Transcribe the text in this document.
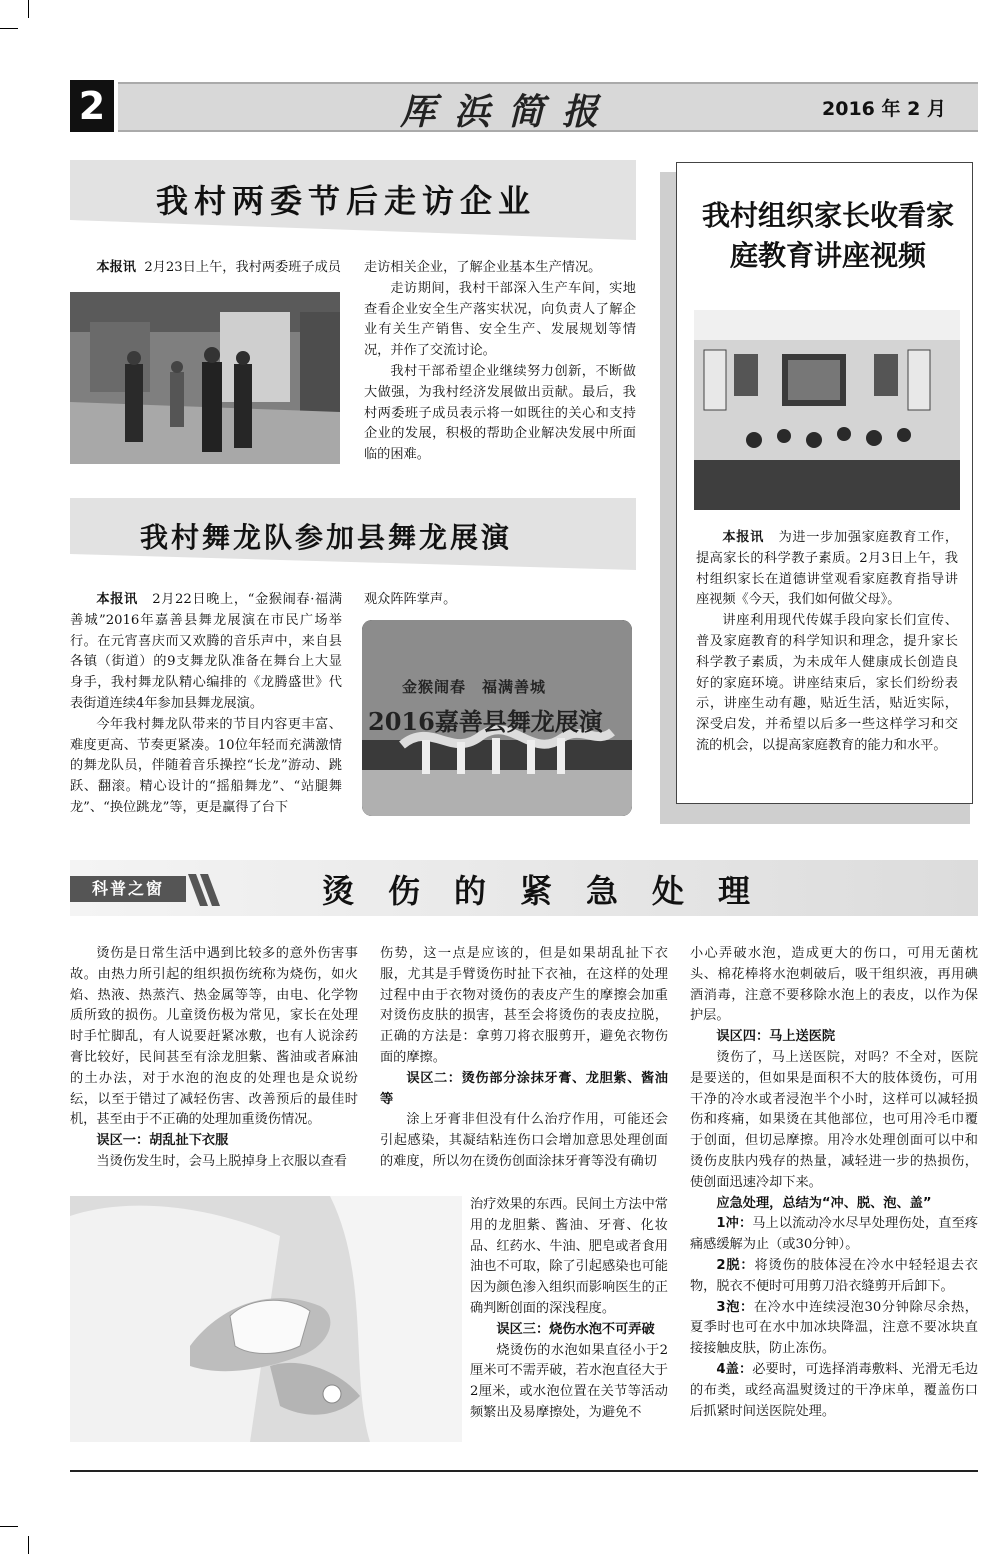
2	厍浜简报	2016 年 2 月
我村两委节后走访企业

本报讯 2月23日上午，我村两委班子成员 走访相关企业，了解企业基本生产情况。

走访期间，我村干部深入生产车间，实地查看企业安全生产落实状况，向负责人了解企业有关生产销售、安全生产、发展规划等情况，并作了交流讨论。

我村干部希望企业继续努力创新，不断做大做强，为我村经济发展做出贡献。最后，我村两委班子成员表示将一如既往的关心和支持企业的发展，积极的帮助企业解决发展中所面临的困难。

我村舞龙队参加县舞龙展演

本报讯 2月22日晚上，“金猴闹春·福满善城”2016年嘉善县舞龙展演在市民广场举行。在元宵喜庆而又欢腾的音乐声中，来自县各镇（街道）的9支舞龙队准备在舞台上大显身手，我村舞龙队精心编排的《龙腾盛世》代表街道连续4年参加县舞龙展演。

今年我村舞龙队带来的节目内容更丰富、难度更高、节奏更紧凑。10位年轻而充满激情的舞龙队员，伴随着音乐操控“长龙”游动、跳跃、翻滚。精心设计的“摇船舞龙”、“站腿舞龙”、“换位跳龙”等，更是赢得了台下

观众阵阵掌声。

金猴闹春　福满善城
2016嘉善县舞龙展演
我村组织家长收看家庭教育讲座视频

本报讯 为进一步加强家庭教育工作，提高家长的科学教子素质。2月3日上午，我村组织家长在道德讲堂观看家庭教育指导讲座视频《今天，我们如何做父母》。

讲座利用现代传媒手段向家长们宣传、普及家庭教育的科学知识和理念，提升家长科学教子素质，为未成年人健康成长创造良好的家庭环境。讲座结束后，家长们纷纷表示，讲座生动有趣，贴近生活，贴近实际，深受启发，并希望以后多一些这样学习和交流的机会，以提高家庭教育的能力和水平。

科普之窗	烫伤的紧急处理

烫伤是日常生活中遇到比较多的意外伤害事故。由热力所引起的组织损伤统称为烧伤，如火焰、热液、热蒸汽、热金属等等，由电、化学物质所致的损伤。儿童烫伤极为常见，家长在处理时手忙脚乱，有人说要赶紧冰敷，也有人说涂药膏比较好，民间甚至有涂龙胆紫、酱油或者麻油的土办法，对于水泡的泡皮的处理也是众说纷纭，以至于错过了减轻伤害、改善预后的最佳时机，甚至由于不正确的处理加重烫伤情况。

误区一：胡乱扯下衣服

当烫伤发生时，会马上脱掉身上衣服以查看

伤势，这一点是应该的，但是如果胡乱扯下衣服，尤其是手臂烫伤时扯下衣袖，在这样的处理过程中由于衣物对烫伤的表皮产生的摩擦会加重对烫伤皮肤的损害，甚至会将烫伤的表皮拉脱，正确的方法是：拿剪刀将衣服剪开，避免衣物伤面的摩擦。

误区二：烫伤部分涂抹牙膏、龙胆紫、酱油等

涂上牙膏非但没有什么治疗作用，可能还会引起感染，其凝结粘连伤口会增加意思处理创面的难度，所以勿在烫伤创面涂抹牙膏等没有确切

治疗效果的东西。民间土方法中常用的龙胆紫、酱油、牙膏、化妆品、红药水、牛油、肥皂或者食用油也不可取，除了引起感染也可能因为颜色渗入组织而影响医生的正确判断创面的深浅程度。

误区三：烧伤水泡不可弄破

烧烫伤的水泡如果直径小于2厘米可不需弄破，若水泡直径大于2厘米，或水泡位置在关节等活动频繁出及易摩擦处，为避免不

小心弄破水泡，造成更大的伤口，可用无菌枕头、棉花棒将水泡刺破后，吸干组织液，再用碘酒消毒，注意不要移除水泡上的表皮，以作为保护层。

误区四：马上送医院

烫伤了，马上送医院，对吗？不全对，医院是要送的，但如果是面积不大的肢体烫伤，可用干净的冷水或者浸泡半个小时，这样可以减轻损伤和疼痛，如果烫在其他部位，也可用冷毛巾覆于创面，但切忌摩擦。用冷水处理创面可以中和烫伤皮肤内残存的热量，减轻进一步的热损伤，使创面迅速冷却下来。

应急处理，总结为“冲、脱、泡、盖”

1冲：马上以流动冷水尽早处理伤处，直至疼痛感缓解为止（或30分钟）。

2脱：将烫伤的肢体浸在冷水中轻轻退去衣物，脱衣不便时可用剪刀沿衣缝剪开后卸下。

3泡：在冷水中连续浸泡30分钟除尽余热，夏季时也可在水中加冰块降温，注意不要冰块直接接触皮肤，防止冻伤。

4盖：必要时，可选择消毒敷料、光滑无毛边的布类，或经高温熨烫过的干净床单，覆盖伤口后抓紧时间送医院处理。
